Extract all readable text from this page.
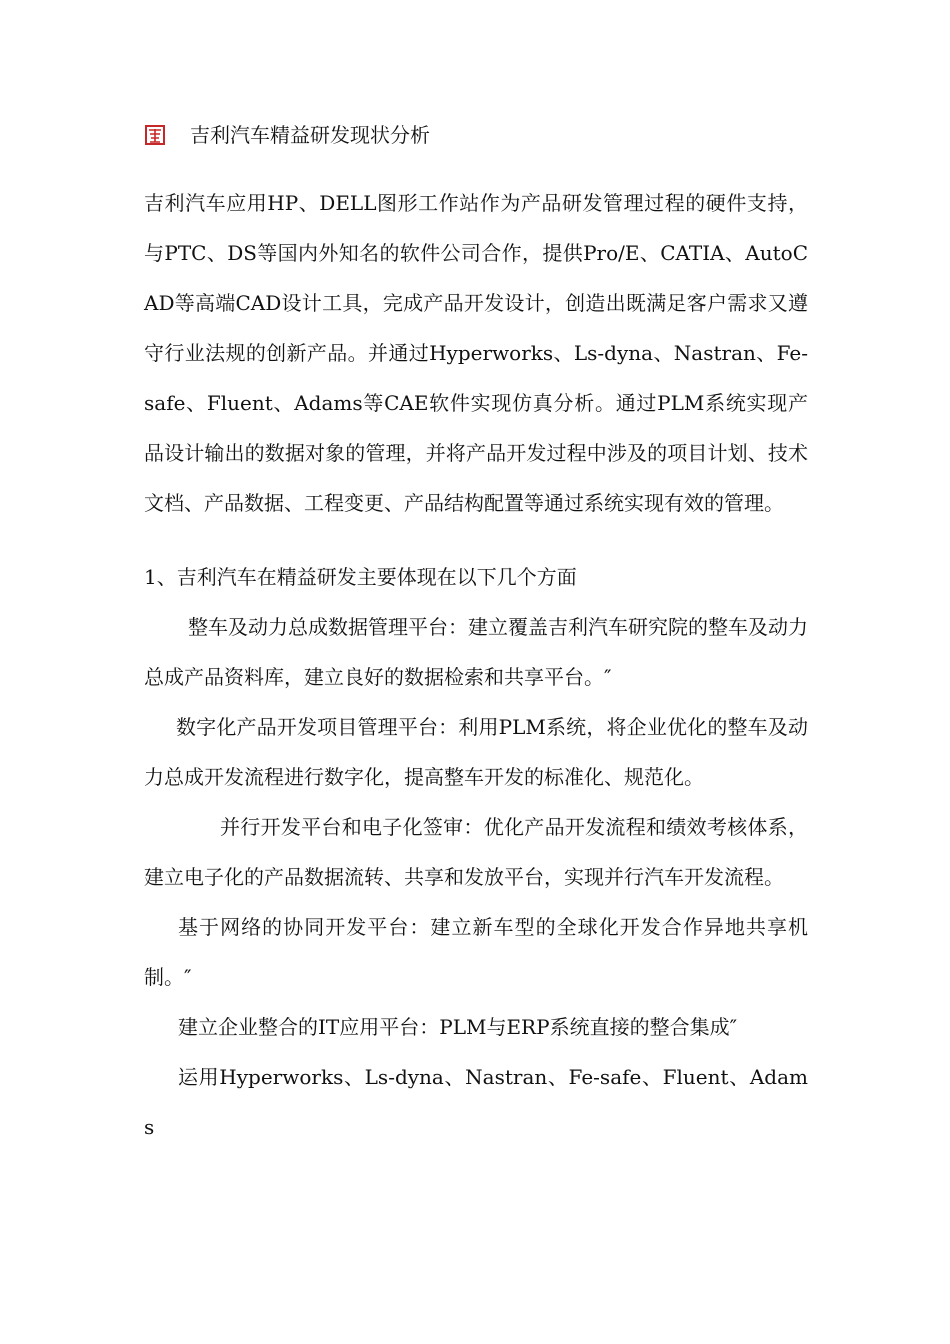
吉利汽车精益研发现状分析

吉利汽车应用HP、DELL图形工作站作为产品研发管理过程的硬件支持，与PTC、DS等国内外知名的软件公司合作，提供Pro/E、CATIA、AutoCAD等高端CAD设计工具，完成产品开发设计，创造出既满足客户需求又遵守行业法规的创新产品。并通过Hyperworks、Ls-dyna、Nastran、Fe-safe、Fluent、Adams等CAE软件实现仿真分析。通过PLM系统实现产品设计输出的数据对象的管理，并将产品开发过程中涉及的项目计划、技术文档、产品数据、工程变更、产品结构配置等通过系统实现有效的管理。

1、吉利汽车在精益研发主要体现在以下几个方面

整车及动力总成数据管理平台：建立覆盖吉利汽车研究院的整车及动力总成产品资料库，建立良好的数据检索和共享平台。″

数字化产品开发项目管理平台：利用PLM系统，将企业优化的整车及动力总成开发流程进行数字化，提高整车开发的标准化、规范化。

并行开发平台和电子化签审：优化产品开发流程和绩效考核体系，建立电子化的产品数据流转、共享和发放平台，实现并行汽车开发流程。

基于网络的协同开发平台：建立新车型的全球化开发合作异地共享机制。″

建立企业整合的IT应用平台：PLM与ERP系统直接的整合集成″

运用Hyperworks、Ls-dyna、Nastran、Fe-safe、Fluent、Adams
